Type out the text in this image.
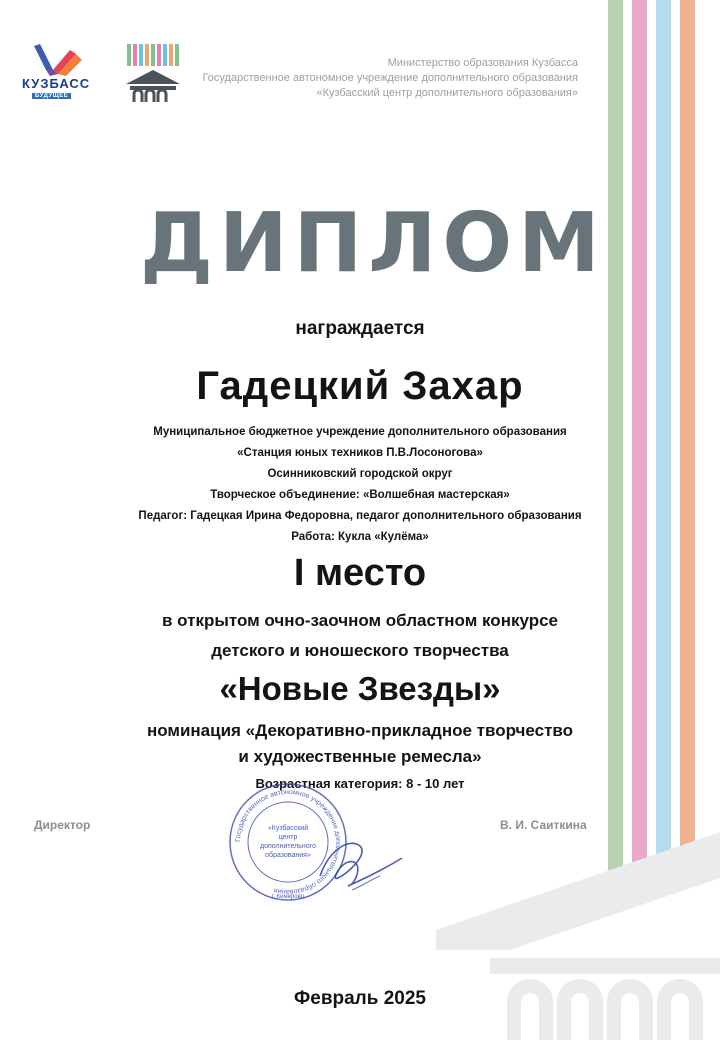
КУЗБАСС
БУДУЩЕЕ
Министерство образования Кузбасса
Государственное автономное учреждение дополнительного образования
«Кузбасский центр дополнительного образования»
ДИПЛОМ
награждается
Гадецкий Захар
Муниципальное бюджетное учреждение дополнительного образования
«Станция юных техников П.В.Лосоногова»
Осинниковский городской округ
Творческое объединение: «Волшебная мастерская»
Педагог: Гадецкая Ирина Федоровна, педагог дополнительного образования
Работа: Кукла «Кулёма»
I место
в открытом очно-заочном областном конкурсе
детского и юношеского творчества
«Новые Звезды»
номинация «Декоративно-прикладное творчество
и художественные ремесла»
Возрастная категория: 8 - 10 лет
Директор	В. И. Саиткина
Государственное автономное учреждение дополнительного образования
«Кузбасский
центр
дополнительного
образования»
г. Кемерово
Февраль 2025
